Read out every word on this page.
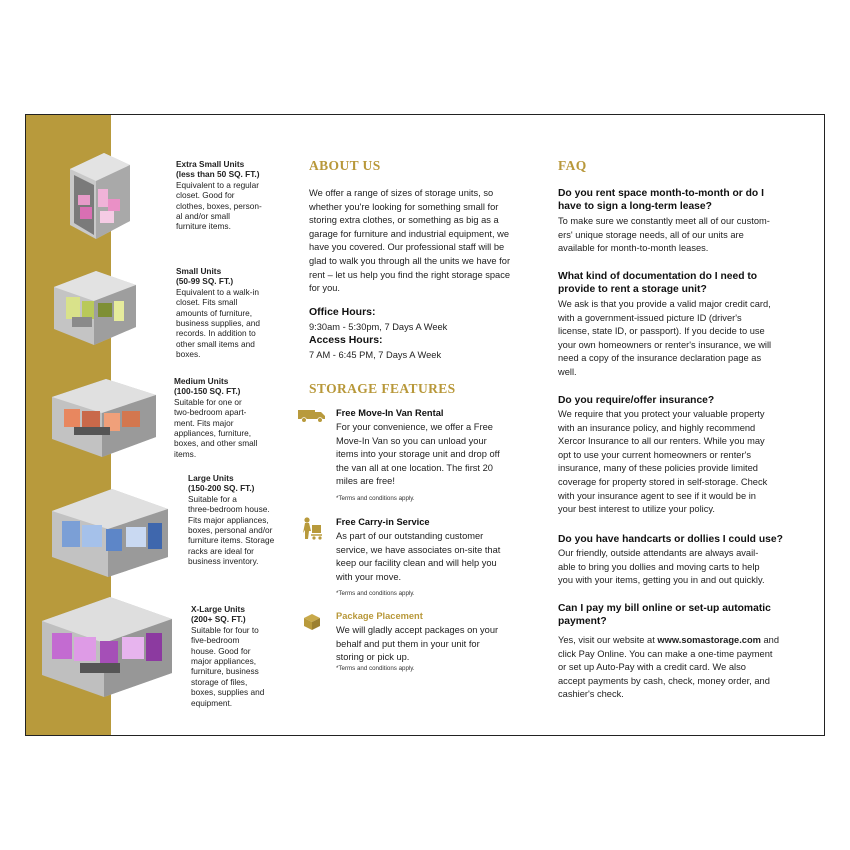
Extra Small Units
(less than 50 SQ. FT.)
Equivalent to a regular
closet. Good for
clothes, boxes, person-
al and/or small
furniture items.
Small Units
(50-99 SQ. FT.)
Equivalent to a walk-in
closet. Fits small
amounts of furniture,
business supplies, and
records. In addition to
other small items and
boxes.
Medium Units
(100-150 SQ. FT.)
Suitable for one or
two-bedroom apart-
ment. Fits major
appliances, furniture,
boxes, and other small
items.
Large Units
(150-200 SQ. FT.)
Suitable for a
three-bedroom house.
Fits major appliances,
boxes, personal and/or
furniture items. Storage
racks are ideal for
business inventory.
X-Large Units
(200+ SQ. FT.)
Suitable for four to
five-bedroom
house. Good for
major appliances,
furniture, business
storage of files,
boxes, supplies and
equipment.
ABOUT US
We offer a range of sizes of storage units, so
whether you're looking for something small for
storing extra clothes, or something as big as a
garage for furniture and industrial equipment, we
have you covered. Our professional staff will be
glad to walk you through all the units we have for
rent – let us help you find the right storage space
for you.
Office Hours:
9:30am - 5:30pm, 7 Days A Week
Access Hours:
7 AM - 6:45 PM, 7 Days A Week
STORAGE FEATURES
Free Move-In Van Rental
For your convenience, we offer a Free
Move-In Van so you can unload your
items into your storage unit and drop off
the van all at one location. The first 20
miles are free!
*Terms and conditions apply.
Free Carry-in Service
As part of our outstanding customer
service, we have associates on-site that
keep our facility clean and will help you
with your move.
*Terms and conditions apply.
Package Placement
We will gladly accept packages on your
behalf and put them in your unit for
storing or pick up.
*Terms and conditions apply.
FAQ
Do you rent space month-to-month or do I
have to sign a long-term lease?
To make sure we constantly meet all of our custom-
ers' unique storage needs, all of our units are
available for month-to-month leases.
What kind of documentation do I need to
provide to rent a storage unit?
We ask is that you provide a valid major credit card,
with a government-issued picture ID (driver's
license, state ID, or passport). If you decide to use
your own homeowners or renter's insurance, we will
need a copy of the insurance declaration page as
well.
Do you require/offer insurance?
We require that you protect your valuable property
with an insurance policy, and highly recommend
Xercor Insurance to all our renters. While you may
opt to use your current homeowners or renter's
insurance, many of these policies provide limited
coverage for property stored in self-storage. Check
with your insurance agent to see if it would be in
your best interest to utilize your policy.
Do you have handcarts or dollies I could use?
Our friendly, outside attendants are always avail-
able to bring you dollies and moving carts to help
you with your items, getting you in and out quickly.
Can I pay my bill online or set-up automatic
payment?
Yes, visit our website at www.somastorage.com and
click Pay Online. You can make a one-time payment
or set up Auto-Pay with a credit card. We also
accept payments by cash, check, money order, and
cashier's check.
